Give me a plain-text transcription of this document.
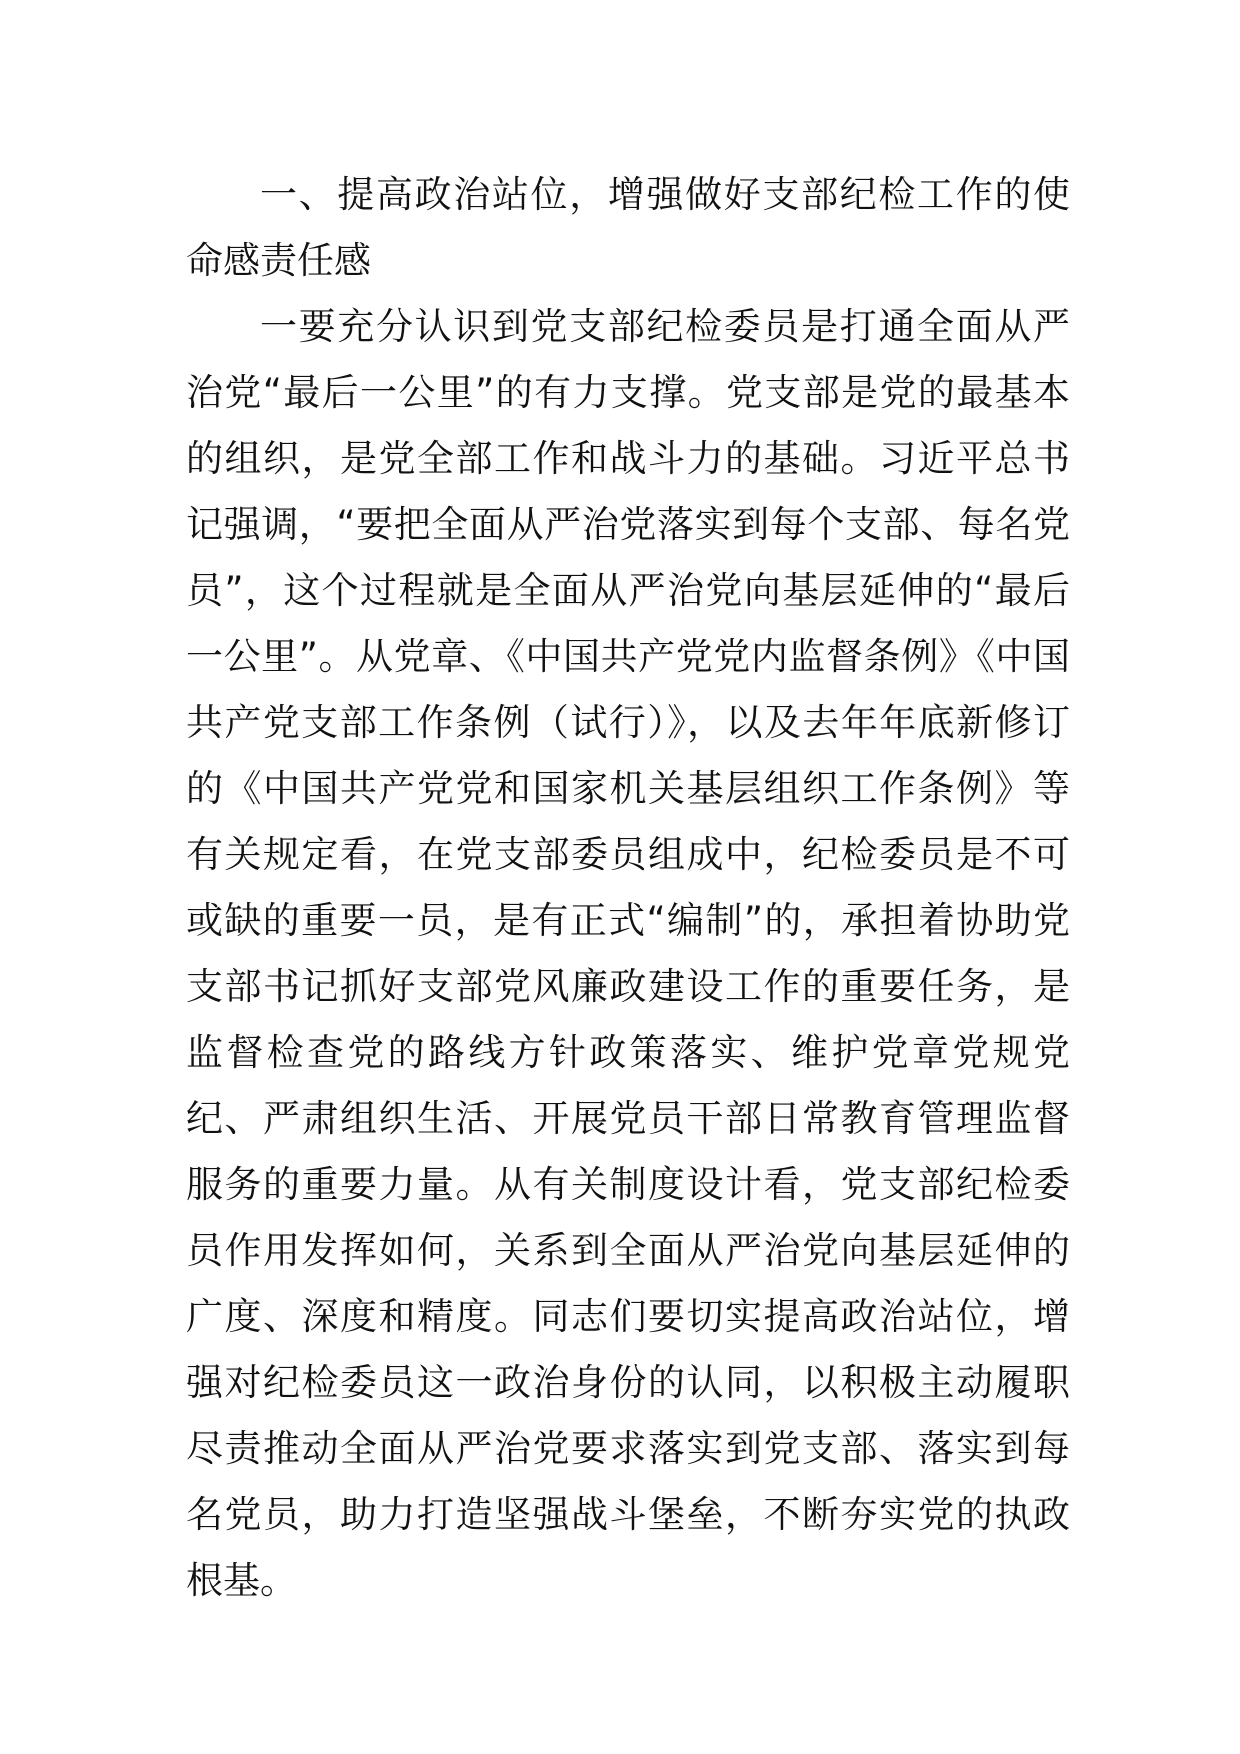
一、提高政治站位，增强做好支部纪检工作的使命感责任感

一要充分认识到党支部纪检委员是打通全面从严治党“最后一公里”的有力支撑。党支部是党的最基本的组织，是党全部工作和战斗力的基础。习近平总书记强调，“要把全面从严治党落实到每个支部、每名党员”，这个过程就是全面从严治党向基层延伸的“最后一公里”。从党章、《中国共产党党内监督条例》《中国共产党支部工作条例（试行）》，以及去年年底新修订的《中国共产党党和国家机关基层组织工作条例》等有关规定看，在党支部委员组成中，纪检委员是不可或缺的重要一员，是有正式“编制”的，承担着协助党支部书记抓好支部党风廉政建设工作的重要任务，是监督检查党的路线方针政策落实、维护党章党规党纪、严肃组织生活、开展党员干部日常教育管理监督服务的重要力量。从有关制度设计看，党支部纪检委员作用发挥如何，关系到全面从严治党向基层延伸的广度、深度和精度。同志们要切实提高政治站位，增强对纪检委员这一政治身份的认同，以积极主动履职尽责推动全面从严治党要求落实到党支部、落实到每名党员，助力打造坚强战斗堡垒，不断夯实党的执政根基。
